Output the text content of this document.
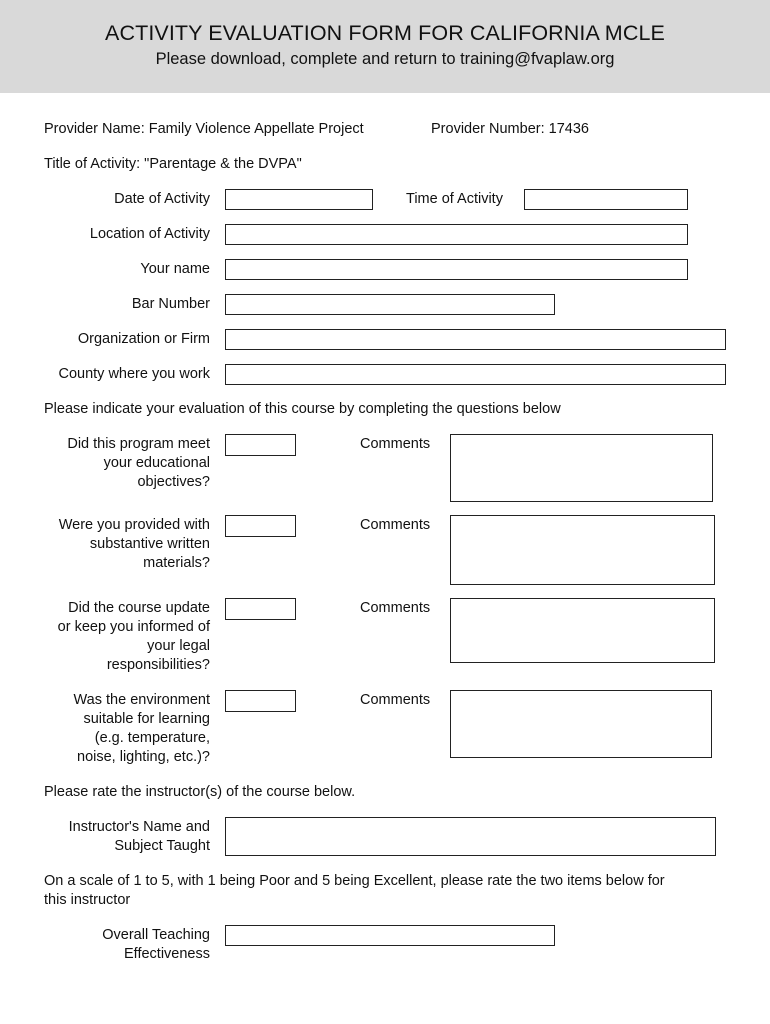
ACTIVITY EVALUATION FORM FOR CALIFORNIA MCLE
Please download, complete and return to training@fvaplaw.org
Provider Name: Family Violence Appellate Project	Provider Number: 17436
Title of Activity: "Parentage & the DVPA"
Date of Activity	Time of Activity
Location of Activity
Your name
Bar Number
Organization or Firm
County where you work
Please indicate your evaluation of this course by completing the questions below
Did this program meet
your educational
objectives?
Comments
Were you provided with
substantive written
materials?
Comments
Did the course update
or keep you informed of
your legal
responsibilities?
Comments
Was the environment
suitable for learning
(e.g. temperature,
noise, lighting, etc.)?
Comments
Please rate the instructor(s) of the course below.
Instructor's Name and
Subject Taught
On a scale of 1 to 5, with 1 being Poor and 5 being Excellent, please rate the two items below for
this instructor
Overall Teaching
Effectiveness
